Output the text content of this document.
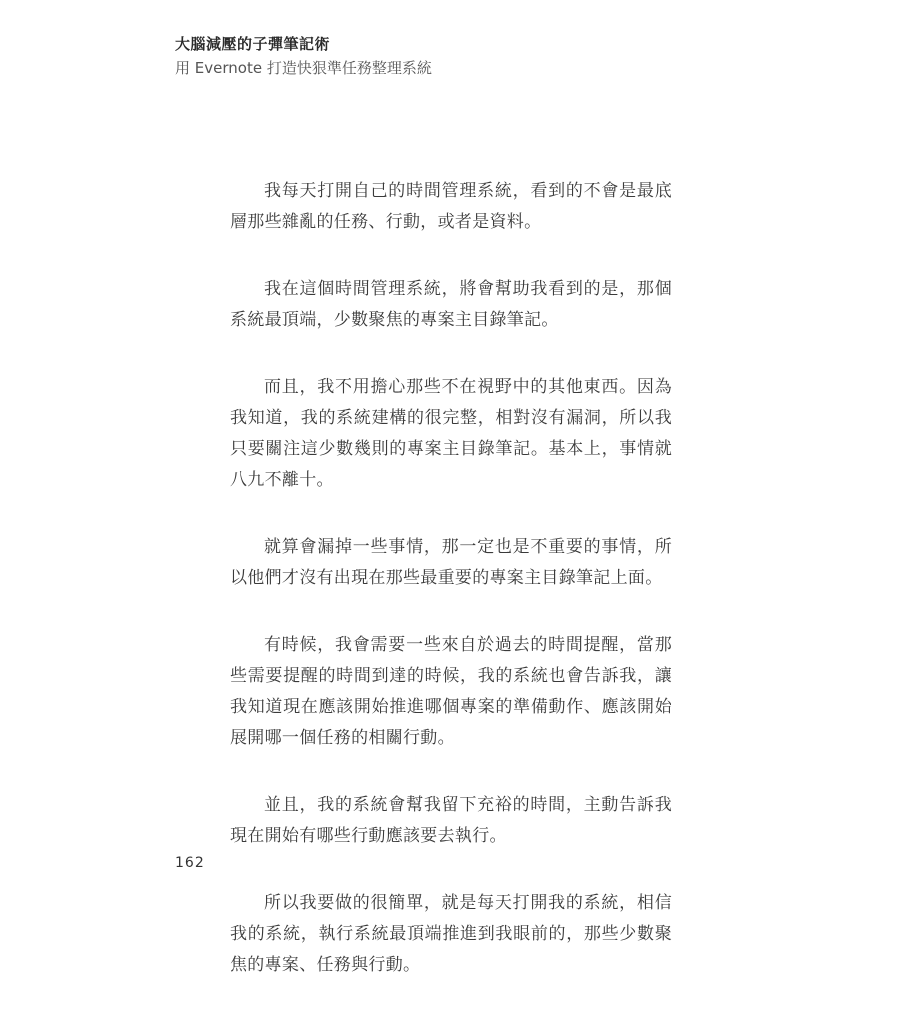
大腦減壓的子彈筆記術
用 Evernote 打造快狠準任務整理系統

我每天打開自己的時間管理系統，看到的不會是最底層那些雜亂的任務、行動，或者是資料。

我在這個時間管理系統，將會幫助我看到的是，那個系統最頂端，少數聚焦的專案主目錄筆記。

而且，我不用擔心那些不在視野中的其他東西。因為我知道，我的系統建構的很完整，相對沒有漏洞，所以我只要關注這少數幾則的專案主目錄筆記。基本上，事情就八九不離十。

就算會漏掉一些事情，那一定也是不重要的事情，所以他們才沒有出現在那些最重要的專案主目錄筆記上面。

有時候，我會需要一些來自於過去的時間提醒，當那些需要提醒的時間到達的時候，我的系統也會告訴我，讓我知道現在應該開始推進哪個專案的準備動作、應該開始展開哪一個任務的相關行動。

並且，我的系統會幫我留下充裕的時間，主動告訴我現在開始有哪些行動應該要去執行。

所以我要做的很簡單，就是每天打開我的系統，相信我的系統，執行系統最頂端推進到我眼前的，那些少數聚焦的專案、任務與行動。

162
